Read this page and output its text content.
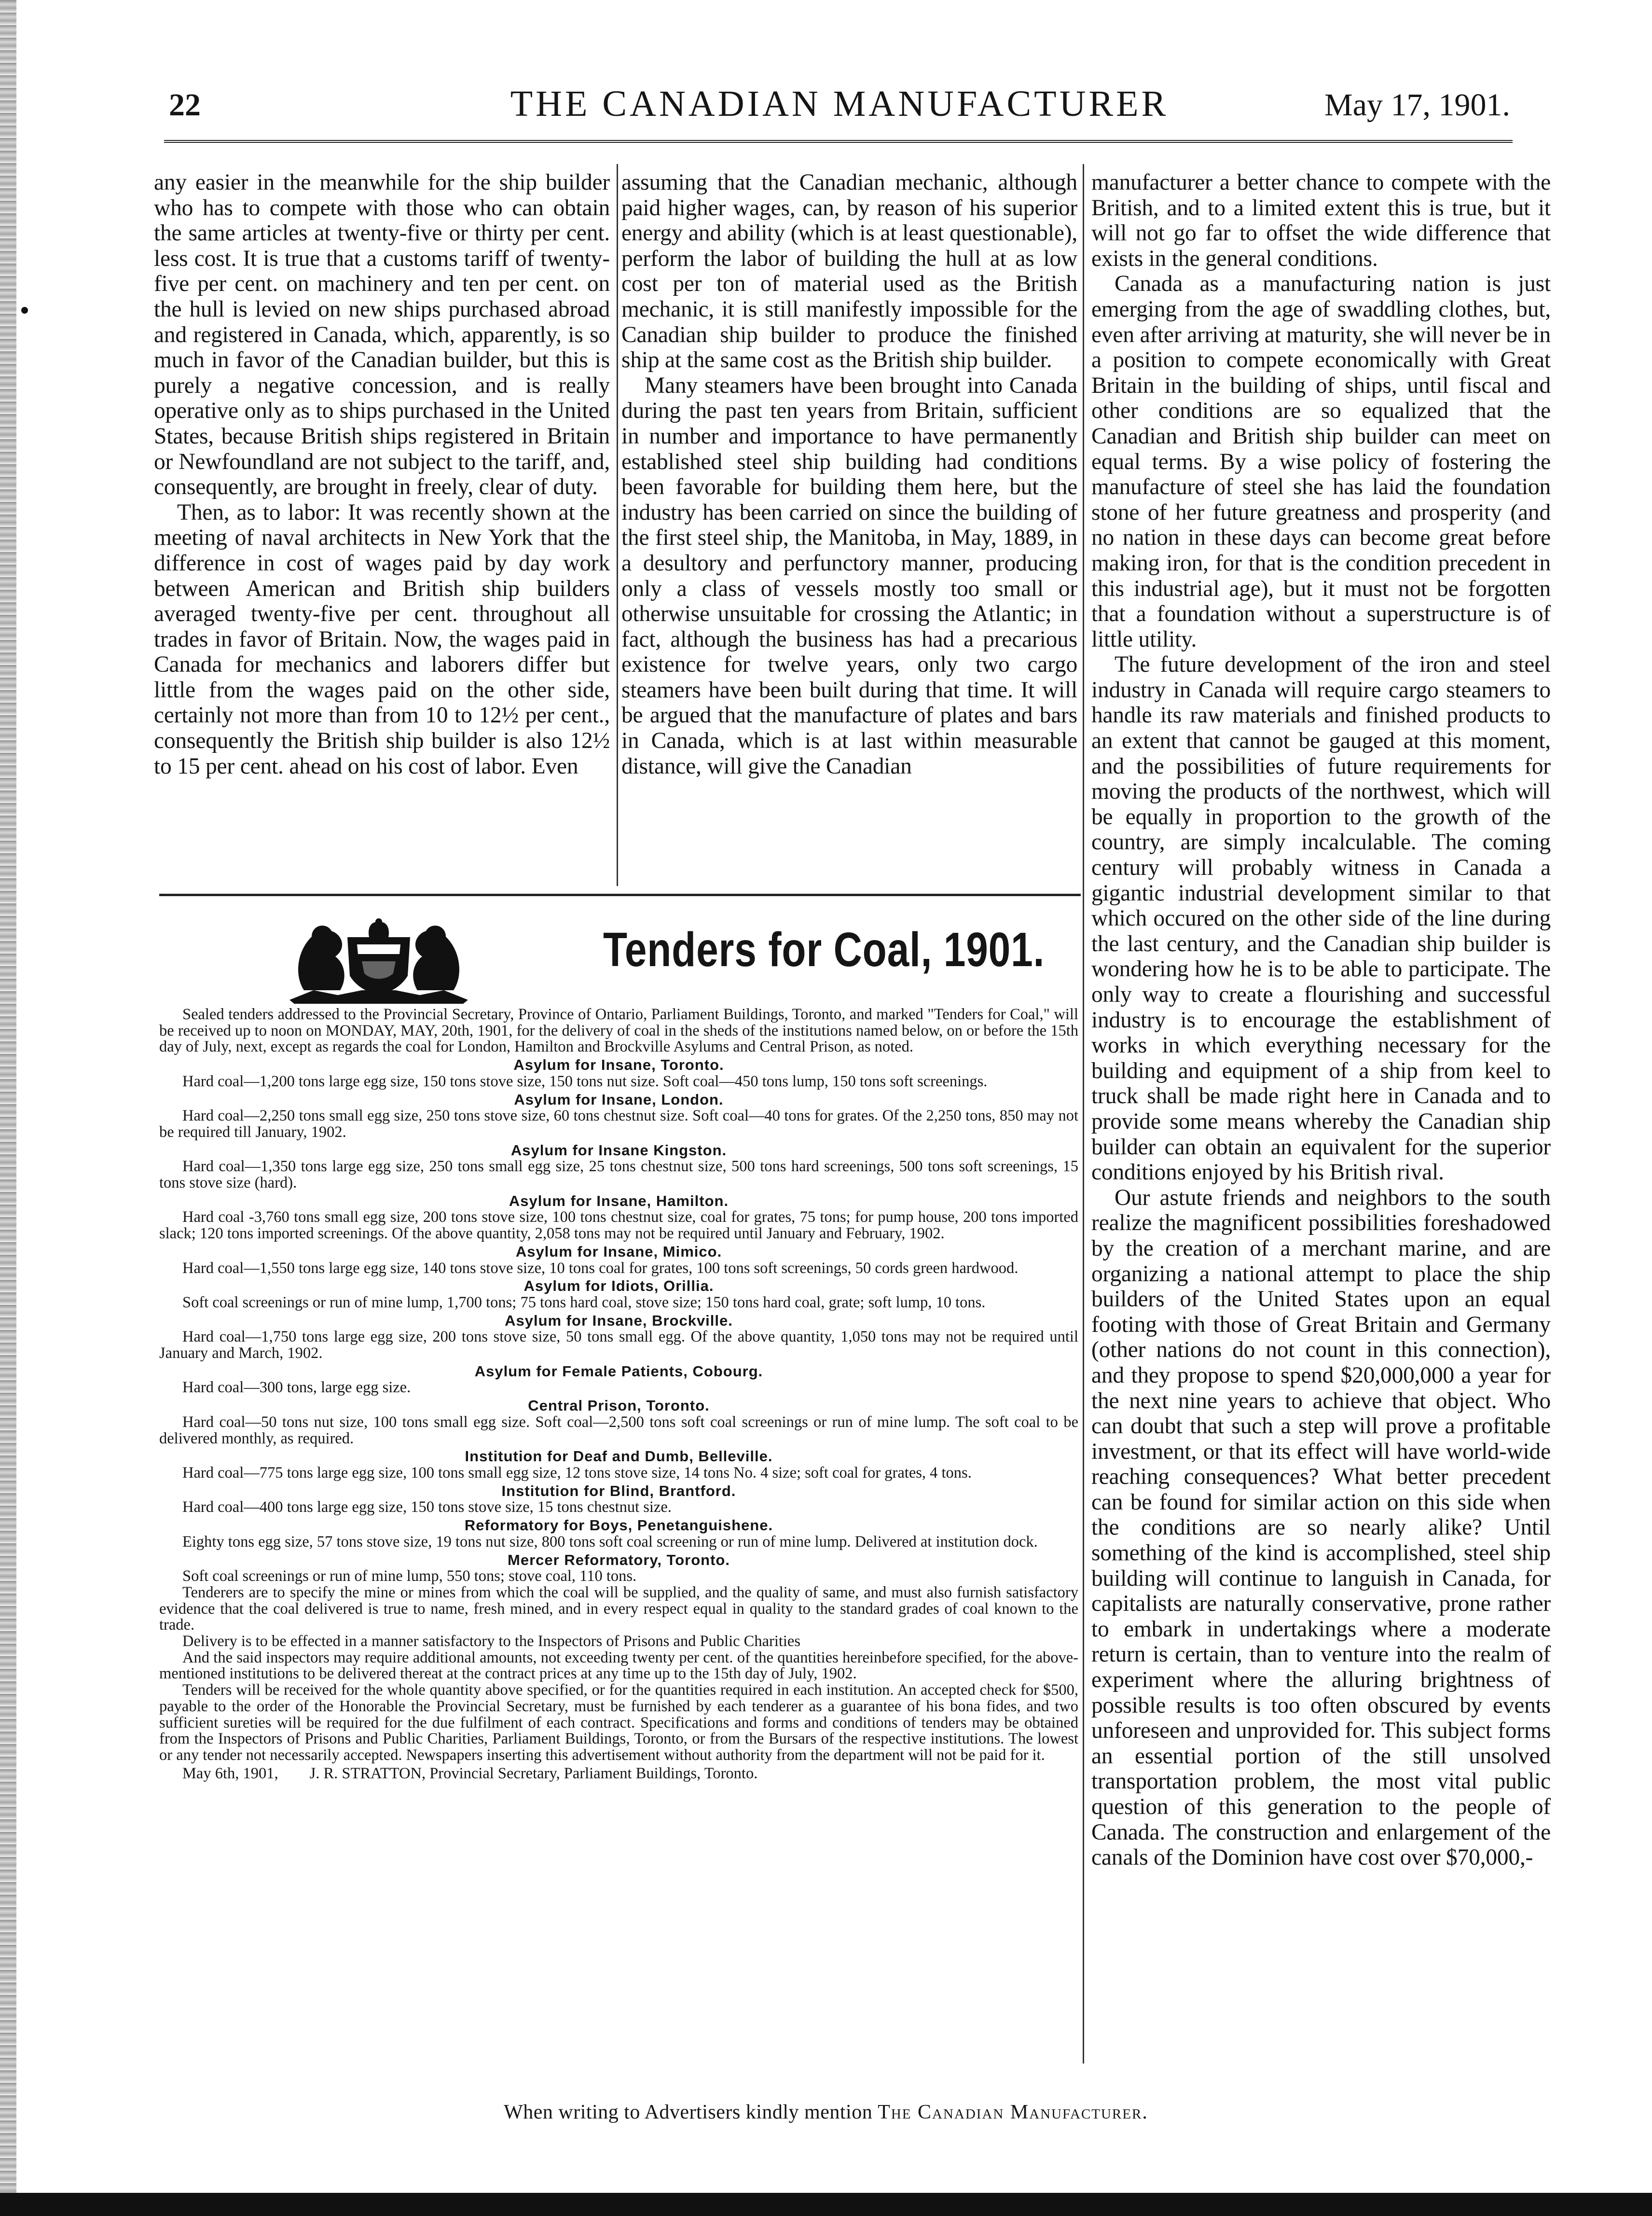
22	THE CANADIAN MANUFACTURER	May 17, 1901.

any easier in the meanwhile for the ship builder who has to compete with those who can obtain the same articles at twenty-five or thirty per cent. less cost. It is true that a customs tariff of twenty-five per cent. on machinery and ten per cent. on the hull is levied on new ships purchased abroad and registered in Canada, which, apparently, is so much in favor of the Canadian builder, but this is purely a negative concession, and is really operative only as to ships purchased in the United States, because British ships registered in Britain or Newfoundland are not subject to the tariff, and, consequently, are brought in freely, clear of duty.

Then, as to labor: It was recently shown at the meeting of naval architects in New York that the difference in cost of wages paid by day work between American and British ship builders averaged twenty-five per cent. throughout all trades in favor of Britain. Now, the wages paid in Canada for mechanics and laborers differ but little from the wages paid on the other side, certainly not more than from 10 to 12½ per cent., consequently the British ship builder is also 12½ to 15 per cent. ahead on his cost of labor. Even

assuming that the Canadian mechanic, although paid higher wages, can, by reason of his superior energy and ability (which is at least questionable), perform the labor of building the hull at as low cost per ton of material used as the British mechanic, it is still manifestly impossible for the Canadian ship builder to produce the finished ship at the same cost as the British ship builder.

Many steamers have been brought into Canada during the past ten years from Britain, sufficient in number and importance to have permanently established steel ship building had conditions been favorable for building them here, but the industry has been carried on since the building of the first steel ship, the Manitoba, in May, 1889, in a desultory and perfunctory manner, producing only a class of vessels mostly too small or otherwise unsuitable for crossing the Atlantic; in fact, although the business has had a precarious existence for twelve years, only two cargo steamers have been built during that time. It will be argued that the manufacture of plates and bars in Canada, which is at last within measurable distance, will give the Canadian

manufacturer a better chance to compete with the British, and to a limited extent this is true, but it will not go far to offset the wide difference that exists in the general conditions.

Canada as a manufacturing nation is just emerging from the age of swaddling clothes, but, even after arriving at maturity, she will never be in a position to compete economically with Great Britain in the building of ships, until fiscal and other conditions are so equalized that the Canadian and British ship builder can meet on equal terms. By a wise policy of fostering the manufacture of steel she has laid the foundation stone of her future greatness and prosperity (and no nation in these days can become great before making iron, for that is the condition precedent in this industrial age), but it must not be forgotten that a foundation without a superstructure is of little utility.

The future development of the iron and steel industry in Canada will require cargo steamers to handle its raw materials and finished products to an extent that cannot be gauged at this moment, and the possibilities of future requirements for moving the products of the northwest, which will be equally in proportion to the growth of the country, are simply incalculable. The coming century will probably witness in Canada a gigantic industrial development similar to that which occured on the other side of the line during the last century, and the Canadian ship builder is wondering how he is to be able to participate. The only way to create a flourishing and successful industry is to encourage the establishment of works in which everything necessary for the building and equipment of a ship from keel to truck shall be made right here in Canada and to provide some means whereby the Canadian ship builder can obtain an equivalent for the superior conditions enjoyed by his British rival.

Our astute friends and neighbors to the south realize the magnificent possibilities foreshadowed by the creation of a merchant marine, and are organizing a national attempt to place the ship builders of the United States upon an equal footing with those of Great Britain and Germany (other nations do not count in this connection), and they propose to spend $20,000,000 a year for the next nine years to achieve that object. Who can doubt that such a step will prove a profitable investment, or that its effect will have world-wide reaching consequences? What better precedent can be found for similar action on this side when the conditions are so nearly alike? Until something of the kind is accomplished, steel ship building will continue to languish in Canada, for capitalists are naturally conservative, prone rather to embark in undertakings where a moderate return is certain, than to venture into the realm of experiment where the alluring brightness of possible results is too often obscured by events unforeseen and unprovided for. This subject forms an essential portion of the still unsolved transportation problem, the most vital public question of this generation to the people of Canada. The construction and enlargement of the canals of the Dominion have cost over $70,000,-

Tenders for Coal, 1901.

Sealed tenders addressed to the Provincial Secretary, Province of Ontario, Parliament Buildings, Toronto, and marked "Tenders for Coal," will be received up to noon on MONDAY, MAY, 20th, 1901, for the delivery of coal in the sheds of the institutions named below, on or before the 15th day of July, next, except as regards the coal for London, Hamilton and Brockville Asylums and Central Prison, as noted.

Asylum for Insane, Toronto.

Hard coal—1,200 tons large egg size, 150 tons stove size, 150 tons nut size. Soft coal—450 tons lump, 150 tons soft screenings.

Asylum for Insane, London.

Hard coal—2,250 tons small egg size, 250 tons stove size, 60 tons chestnut size. Soft coal—40 tons for grates. Of the 2,250 tons, 850 may not be required till January, 1902.

Asylum for Insane Kingston.

Hard coal—1,350 tons large egg size, 250 tons small egg size, 25 tons chestnut size, 500 tons hard screenings, 500 tons soft screenings, 15 tons stove size (hard).

Asylum for Insane, Hamilton.

Hard coal -3,760 tons small egg size, 200 tons stove size, 100 tons chestnut size, coal for grates, 75 tons; for pump house, 200 tons imported slack; 120 tons imported screenings. Of the above quantity, 2,058 tons may not be required until January and February, 1902.

Asylum for Insane, Mimico.

Hard coal—1,550 tons large egg size, 140 tons stove size, 10 tons coal for grates, 100 tons soft screenings, 50 cords green hardwood.

Asylum for Idiots, Orillia.

Soft coal screenings or run of mine lump, 1,700 tons; 75 tons hard coal, stove size; 150 tons hard coal, grate; soft lump, 10 tons.

Asylum for Insane, Brockville.

Hard coal—1,750 tons large egg size, 200 tons stove size, 50 tons small egg. Of the above quantity, 1,050 tons may not be required until January and March, 1902.

Asylum for Female Patients, Cobourg.

Hard coal—300 tons, large egg size.

Central Prison, Toronto.

Hard coal—50 tons nut size, 100 tons small egg size. Soft coal—2,500 tons soft coal screenings or run of mine lump. The soft coal to be delivered monthly, as required.

Institution for Deaf and Dumb, Belleville.

Hard coal—775 tons large egg size, 100 tons small egg size, 12 tons stove size, 14 tons No. 4 size; soft coal for grates, 4 tons.

Institution for Blind, Brantford.

Hard coal—400 tons large egg size, 150 tons stove size, 15 tons chestnut size.

Reformatory for Boys, Penetanguishene.

Eighty tons egg size, 57 tons stove size, 19 tons nut size, 800 tons soft coal screening or run of mine lump. Delivered at institution dock.

Mercer Reformatory, Toronto.

Soft coal screenings or run of mine lump, 550 tons; stove coal, 110 tons.

Tenderers are to specify the mine or mines from which the coal will be supplied, and the quality of same, and must also furnish satisfactory evidence that the coal delivered is true to name, fresh mined, and in every respect equal in quality to the standard grades of coal known to the trade.

Delivery is to be effected in a manner satisfactory to the Inspectors of Prisons and Public Charities

And the said inspectors may require additional amounts, not exceeding twenty per cent. of the quantities hereinbefore specified, for the above-mentioned institutions to be delivered thereat at the contract prices at any time up to the 15th day of July, 1902.

Tenders will be received for the whole quantity above specified, or for the quantities required in each institution. An accepted check for $500, payable to the order of the Honorable the Provincial Secretary, must be furnished by each tenderer as a guarantee of his bona fides, and two sufficient sureties will be required for the due fulfilment of each contract. Specifications and forms and conditions of tenders may be obtained from the Inspectors of Prisons and Public Charities, Parliament Buildings, Toronto, or from the Bursars of the respective institutions. The lowest or any tender not necessarily accepted. Newspapers inserting this advertisement without authority from the department will not be paid for it.

May 6th, 1901, J. R. STRATTON, Provincial Secretary, Parliament Buildings, Toronto.

When writing to Advertisers kindly mention The Canadian Manufacturer.
